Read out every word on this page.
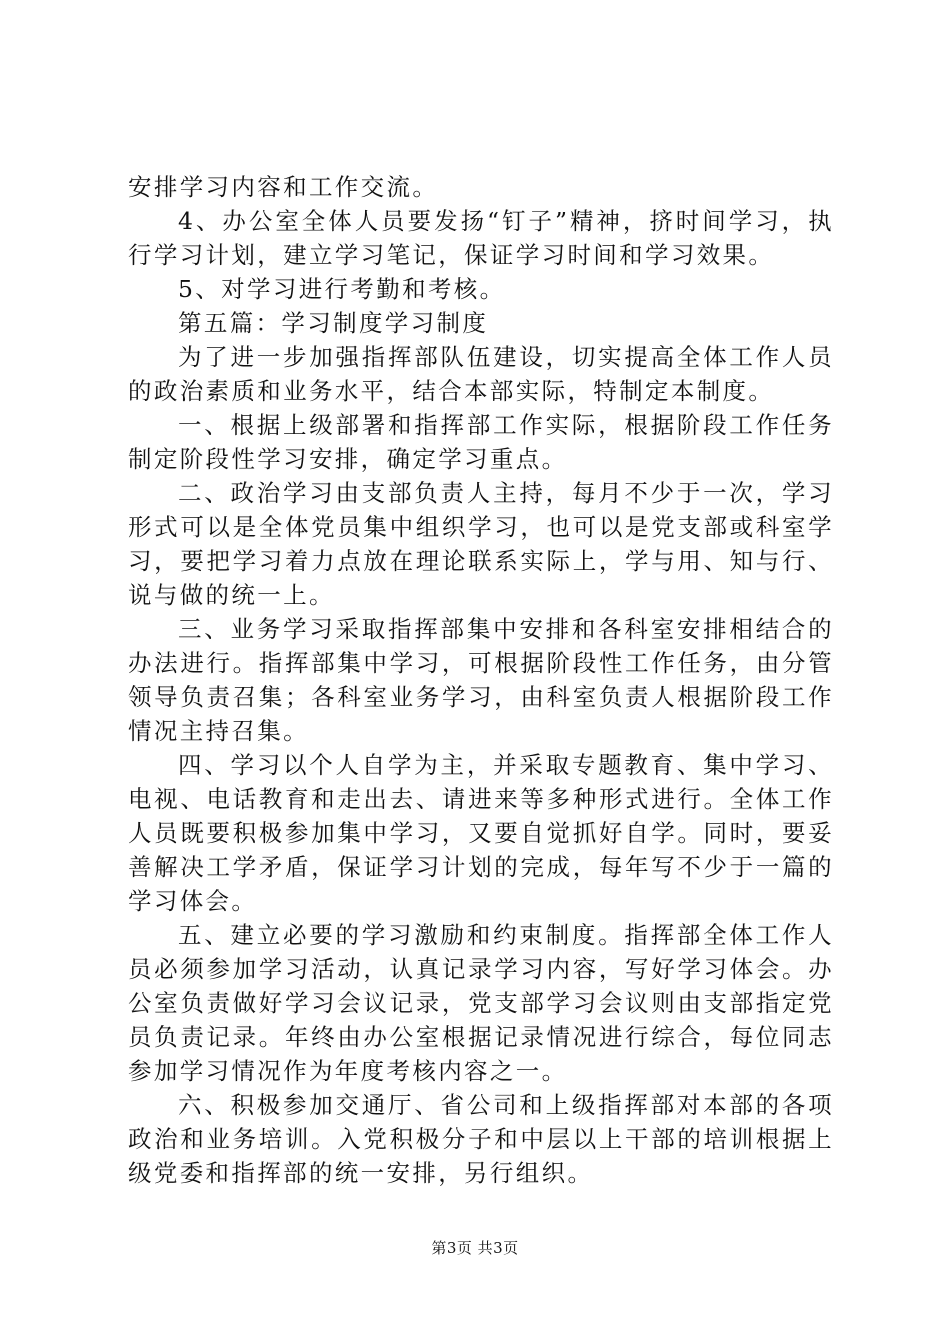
安排学习内容和工作交流。

4、办公室全体人员要发扬“钉子”精神，挤时间学习，执行学习计划，建立学习笔记，保证学习时间和学习效果。

5、对学习进行考勤和考核。

第五篇：学习制度学习制度

为了进一步加强指挥部队伍建设，切实提高全体工作人员的政治素质和业务水平，结合本部实际，特制定本制度。

一、根据上级部署和指挥部工作实际，根据阶段工作任务制定阶段性学习安排，确定学习重点。

二、政治学习由支部负责人主持，每月不少于一次，学习形式可以是全体党员集中组织学习，也可以是党支部或科室学习，要把学习着力点放在理论联系实际上，学与用、知与行、说与做的统一上。

三、业务学习采取指挥部集中安排和各科室安排相结合的办法进行。指挥部集中学习，可根据阶段性工作任务，由分管领导负责召集；各科室业务学习，由科室负责人根据阶段工作情况主持召集。

四、学习以个人自学为主，并采取专题教育、集中学习、电视、电话教育和走出去、请进来等多种形式进行。全体工作人员既要积极参加集中学习，又要自觉抓好自学。同时，要妥善解决工学矛盾，保证学习计划的完成，每年写不少于一篇的学习体会。

五、建立必要的学习激励和约束制度。指挥部全体工作人员必须参加学习活动，认真记录学习内容，写好学习体会。办公室负责做好学习会议记录，党支部学习会议则由支部指定党员负责记录。年终由办公室根据记录情况进行综合，每位同志参加学习情况作为年度考核内容之一。

六、积极参加交通厅、省公司和上级指挥部对本部的各项政治和业务培训。入党积极分子和中层以上干部的培训根据上级党委和指挥部的统一安排，另行组织。

第3页 共3页
